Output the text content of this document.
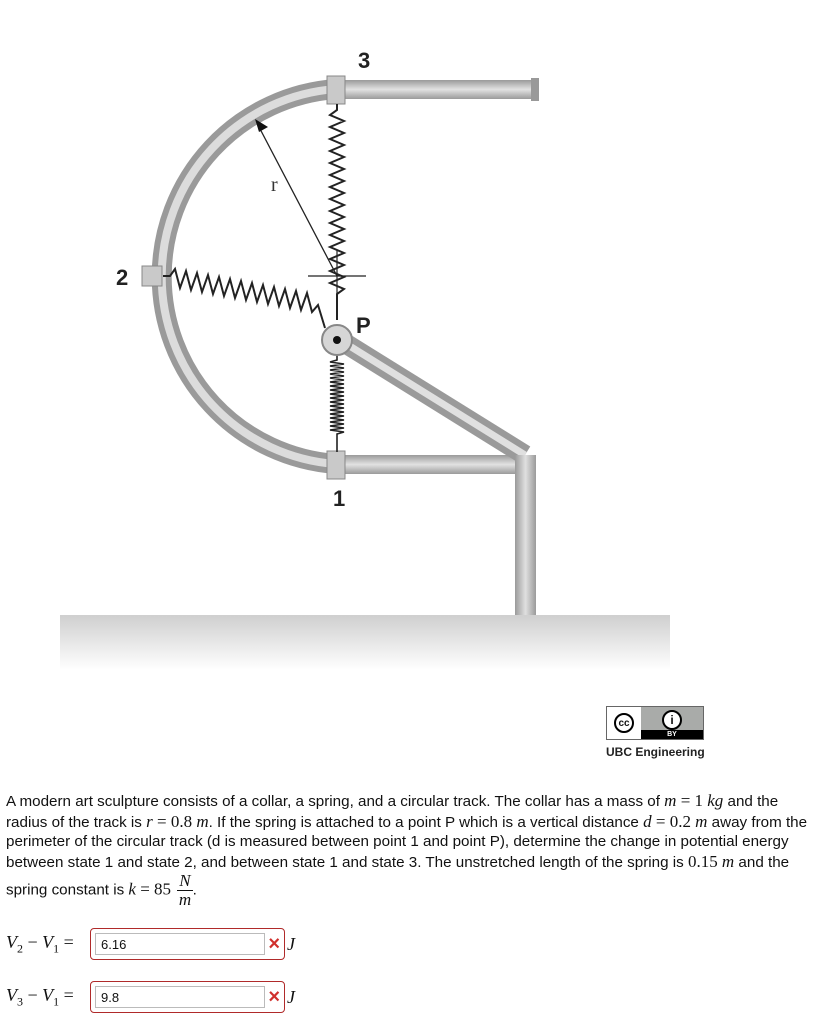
3
2
P
1
r
cc	i
BY
UBC Engineering
A modern art sculpture consists of a collar, a spring, and a circular track. The collar has a mass of m = 1 kg and the radius of the track is r = 0.8 m. If the spring is attached to a point P which is a vertical distance d = 0.2 m away from the perimeter of the circular track (d is measured between point 1 and point P), determine the change in potential energy between state 1 and state 2, and between state 1 and state 3. The unstretched length of the spring is 0.15 m and the spring constant is $k = 85 \frac{N}{m}$ .
$V_2 - V_1$ =
6.16	× J
$V_3 - V_1$ =
9.8	× J
